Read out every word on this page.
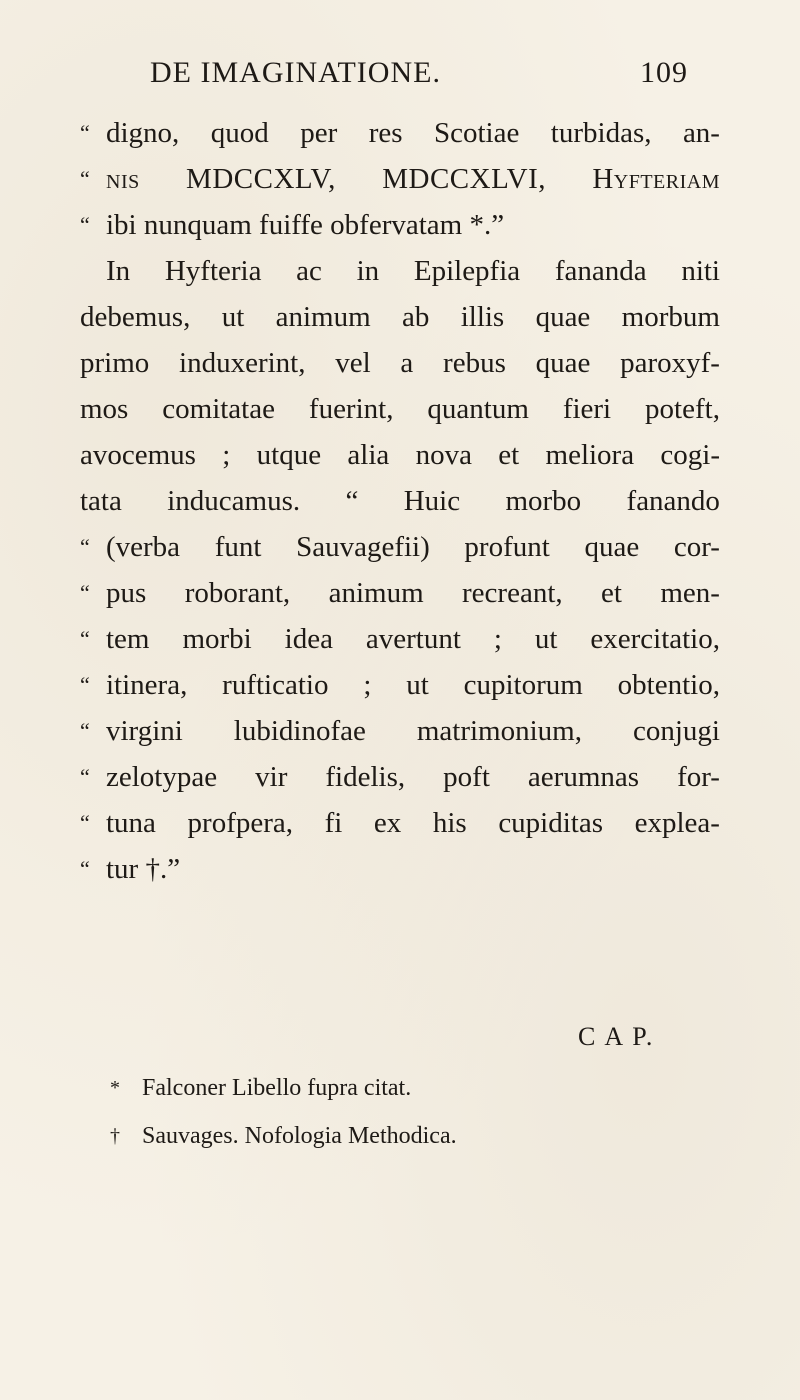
DE IMAGINATIONE.	109
“ digno, quod per res Scotiae turbidas, an-
“ nis MDCCXLV, MDCCXLVI, Hyfteriam
“ ibi nunquam fuiffe obfervatam *.”
In Hyfteria ac in Epilepfia fananda niti
debemus, ut animum ab illis quae morbum
primo induxerint, vel a rebus quae paroxyf-
mos comitatae fuerint, quantum fieri poteft,
avocemus ; utque alia nova et meliora cogi-
tata inducamus. “ Huic morbo fanando
“ (verba funt Sauvagefii) profunt quae cor-
“ pus roborant, animum recreant, et men-
“ tem morbi idea avertunt ; ut exercitatio,
“ itinera, rufticatio ; ut cupitorum obtentio,
“ virgini lubidinofae matrimonium, conjugi
“ zelotypae vir fidelis, poft aerumnas for-
“ tuna profpera, fi ex his cupiditas explea-
“ tur †.”
C A P.
* Falconer Libello fupra citat.
† Sauvages. Nofologia Methodica.
